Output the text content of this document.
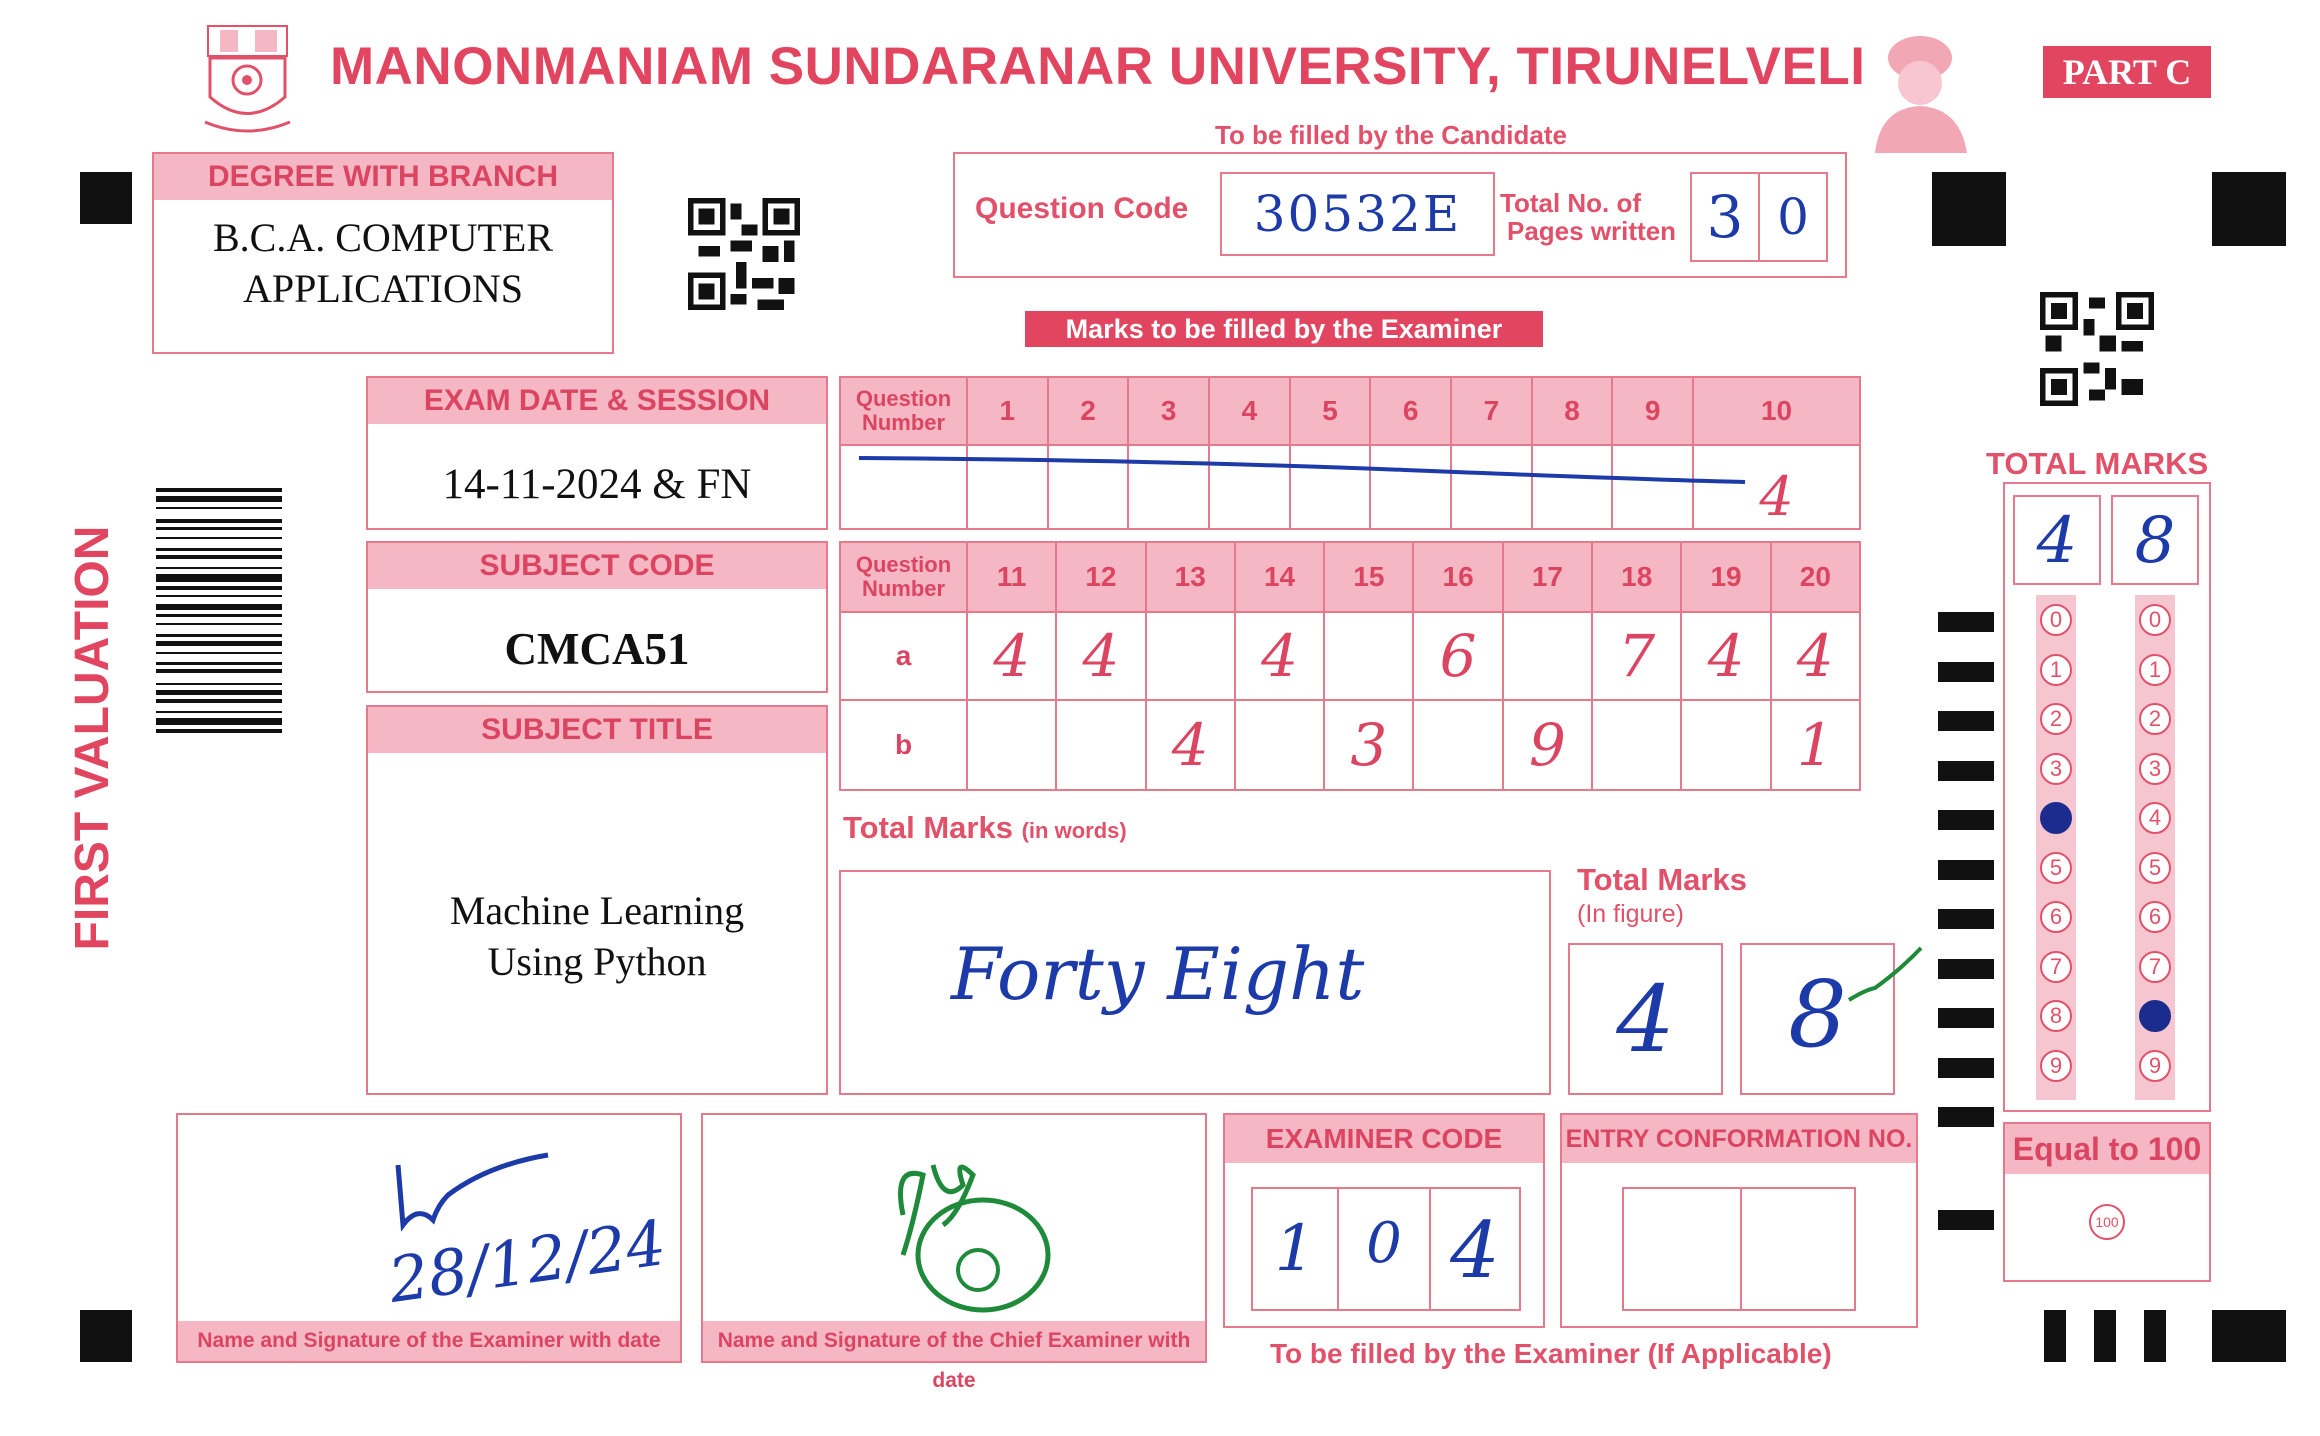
MANONMANIAM SUNDARANAR UNIVERSITY, TIRUNELVELI	PART C
To be filled by the Candidate
DEGREE WITH BRANCH
B.C.A. COMPUTER
APPLICATIONS
Question Code	30532E	Total No. of
Pages written 3 0
Marks to be filled by the Examiner
FIRST VALUATION
EXAM DATE & SESSION
14-11-2024 & FN
SUBJECT CODE
CMCA51
SUBJECT TITLE
Machine Learning
Using Python
Question
Number	1	2	3	4	5	6	7	8	9	10
										4
Question
Number	11	12	13	14	15	16	17	18	19	20
a	4	4		4		6		7	4	4
b			4		3		9			1
Total Marks (in words)
Forty Eight
Total Marks
(In figure)
4	8
TOTAL MARKS
4 8
0
1
2
3
4
5
6
7
8
9
0
1
2
3
4
5
6
7
8
9
Equal to 100
100
Name and Signature of the Examiner with date
28/12/24
Name and Signature of the Chief Examiner with date
EXAMINER CODE
1 0 4
ENTRY CONFORMATION NO.
To be filled by the Examiner (If Applicable)
